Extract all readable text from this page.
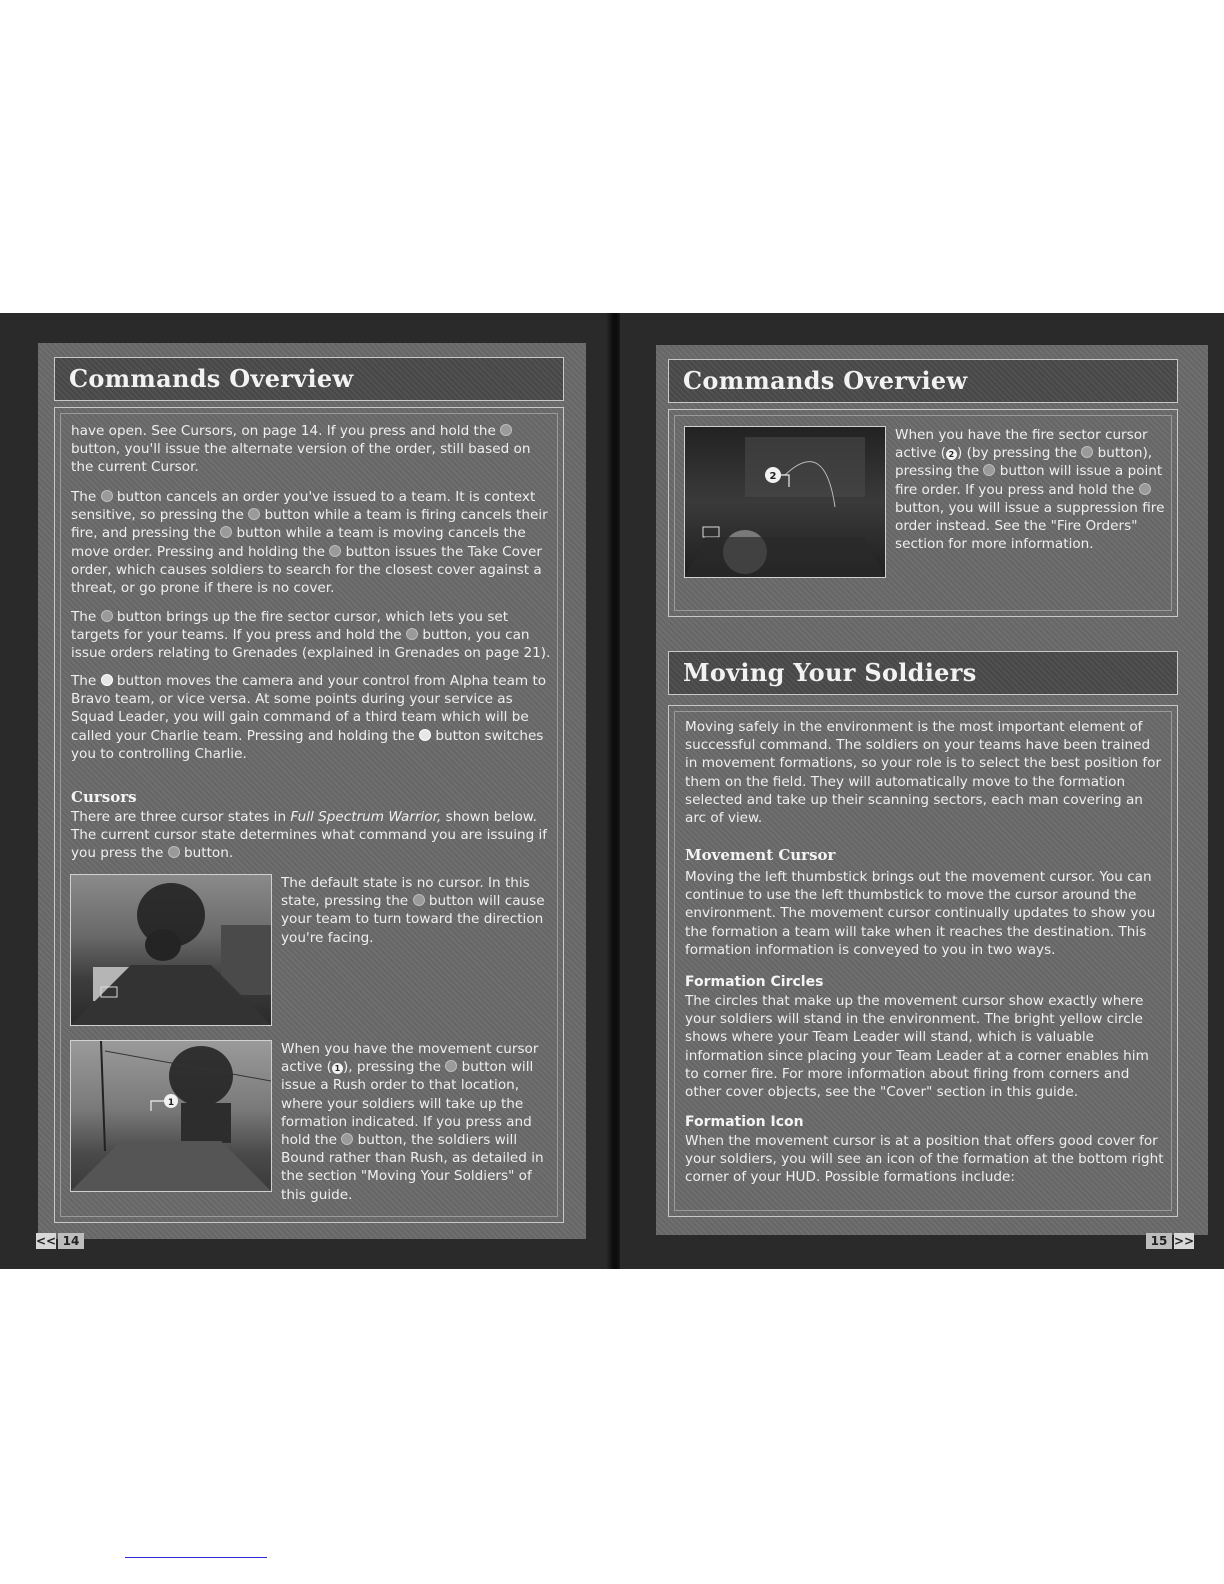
Commands Overview
have open. See Cursors, on page 14. If you press and hold the  button, you'll issue the alternate version of the order, still based on the current Cursor.
The  button cancels an order you've issued to a team. It is context sensitive, so pressing the  button while a team is firing cancels their fire, and pressing the  button while a team is moving cancels the move order. Pressing and holding the  button issues the Take Cover order, which causes soldiers to search for the closest cover against a threat, or go prone if there is no cover.
The  button brings up the fire sector cursor, which lets you set targets for your teams. If you press and hold the  button, you can issue orders relating to Grenades (explained in Grenades on page 21).
The  button moves the camera and your control from Alpha team to Bravo team, or vice versa. At some points during your service as Squad Leader, you will gain command of a third team which will be called your Charlie team. Pressing and holding the  button switches you to controlling Charlie.
Cursors
There are three cursor states in Full Spectrum Warrior, shown below. The current cursor state determines what command you are issuing if you press the  button.
The default state is no cursor. In this state, pressing the  button will cause your team to turn toward the direction you're facing.
1
When you have the movement cursor active ( 1 ), pressing the  button will issue a Rush order to that location, where your soldiers will take up the formation indicated. If you press and hold the  button, the soldiers will Bound rather than Rush, as detailed in the section "Moving Your Soldiers" of this guide.
<< 14
Commands Overview
2
When you have the fire sector cursor active ( 2 ) (by pressing the  button), pressing the  button will issue a point fire order. If you press and hold the  button, you will issue a suppression fire order instead. See the "Fire Orders" section for more information.
Moving Your Soldiers
Moving safely in the environment is the most important element of successful command. The soldiers on your teams have been trained in movement formations, so your role is to select the best position for them on the field. They will automatically move to the formation selected and take up their scanning sectors, each man covering an arc of view.
Movement Cursor
Moving the left thumbstick brings out the movement cursor. You can continue to use the left thumbstick to move the cursor around the environment. The movement cursor continually updates to show you the formation a team will take when it reaches the destination. This formation information is conveyed to you in two ways.
Formation Circles
The circles that make up the movement cursor show exactly where your soldiers will stand in the environment. The bright yellow circle shows where your Team Leader will stand, which is valuable information since placing your Team Leader at a corner enables him to corner fire. For more information about firing from corners and other cover objects, see the "Cover" section in this guide.
Formation Icon
When the movement cursor is at a position that offers good cover for your soldiers, you will see an icon of the formation at the bottom right corner of your HUD. Possible formations include:
15 >>
